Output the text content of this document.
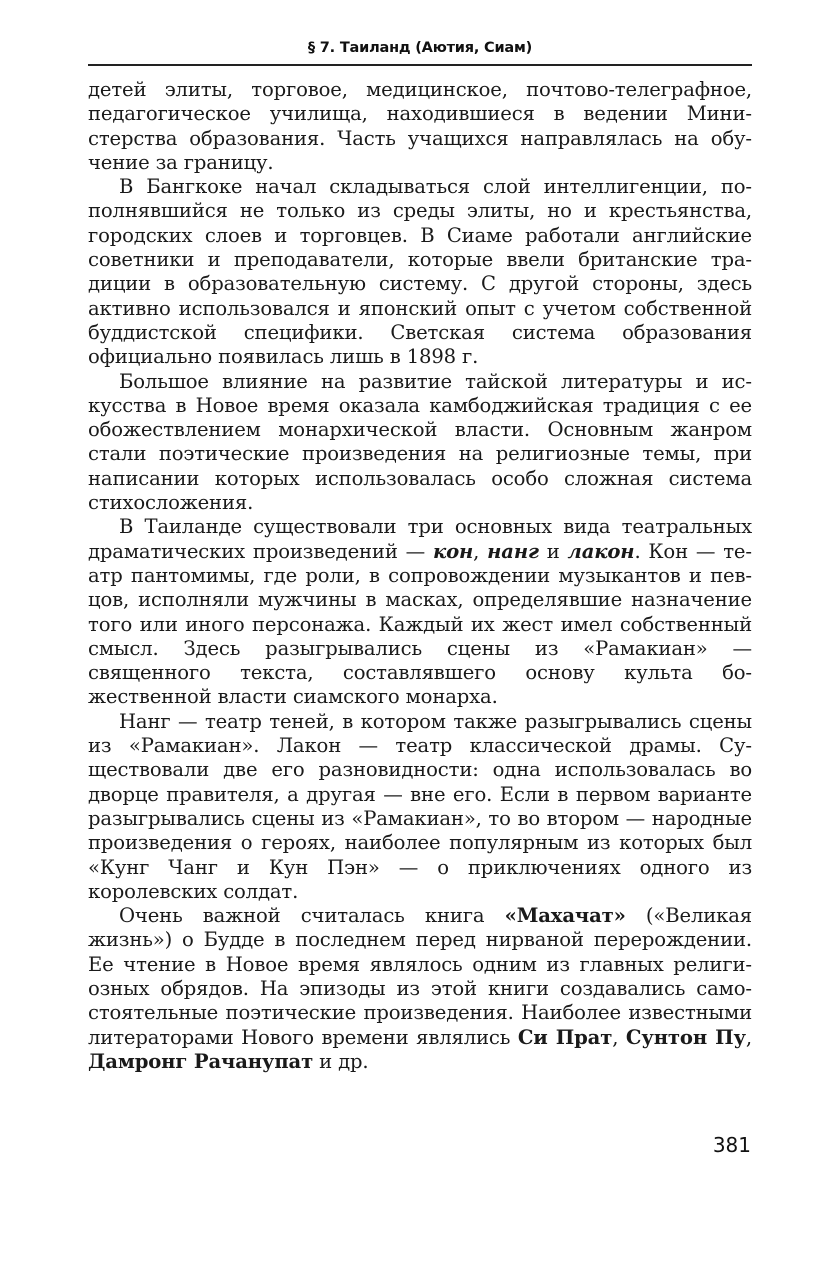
§ 7. Таиланд (Аютия, Сиам)

детей элиты, торговое, медицинское, почтово-телеграфное, педагогическое училища, находившиеся в ведении Министерства образования. Часть учащихся направлялась на обучение за границу.

В Бангкоке начал складываться слой интеллигенции, пополнявшийся не только из среды элиты, но и крестьянства, городских слоев и торговцев. В Сиаме работали английские советники и преподаватели, которые ввели британские традиции в образовательную систему. С другой стороны, здесь активно использовался и японский опыт с учетом собственной буддистской специфики. Светская система образования официально появилась лишь в 1898 г.

Большое влияние на развитие тайской литературы и искусства в Новое время оказала камбоджийская традиция с ее обожествлением монархической власти. Основным жанром стали поэтические произведения на религиозные темы, при написании которых использовалась особо сложная система стихосложения.

В Таиланде существовали три основных вида театральных драматических произведений — кон, нанг и лакон. Кон — театр пантомимы, где роли, в сопровождении музыкантов и певцов, исполняли мужчины в масках, определявшие назначение того или иного персонажа. Каждый их жест имел собственный смысл. Здесь разыгрывались сцены из «Рамакиан» — священного текста, составлявшего основу культа божественной власти сиамского монарха.

Нанг — театр теней, в котором также разыгрывались сцены из «Рамакиан». Лакон — театр классической драмы. Существовали две его разновидности: одна использовалась во дворце правителя, а другая — вне его. Если в первом варианте разыгрывались сцены из «Рамакиан», то во втором — народные произведения о героях, наиболее популярным из которых был «Кунг Чанг и Кун Пэн» — о приключениях одного из королевских солдат.

Очень важной считалась книга «Махачат» («Великая жизнь») о Будде в последнем перед нирваной перерождении. Ее чтение в Новое время являлось одним из главных религиозных обрядов. На эпизоды из этой книги создавались самостоятельные поэтические произведения. Наиболее известными литераторами Нового времени являлись Си Прат, Сунтон Пу, Дамронг Рачанупат и др.

381
